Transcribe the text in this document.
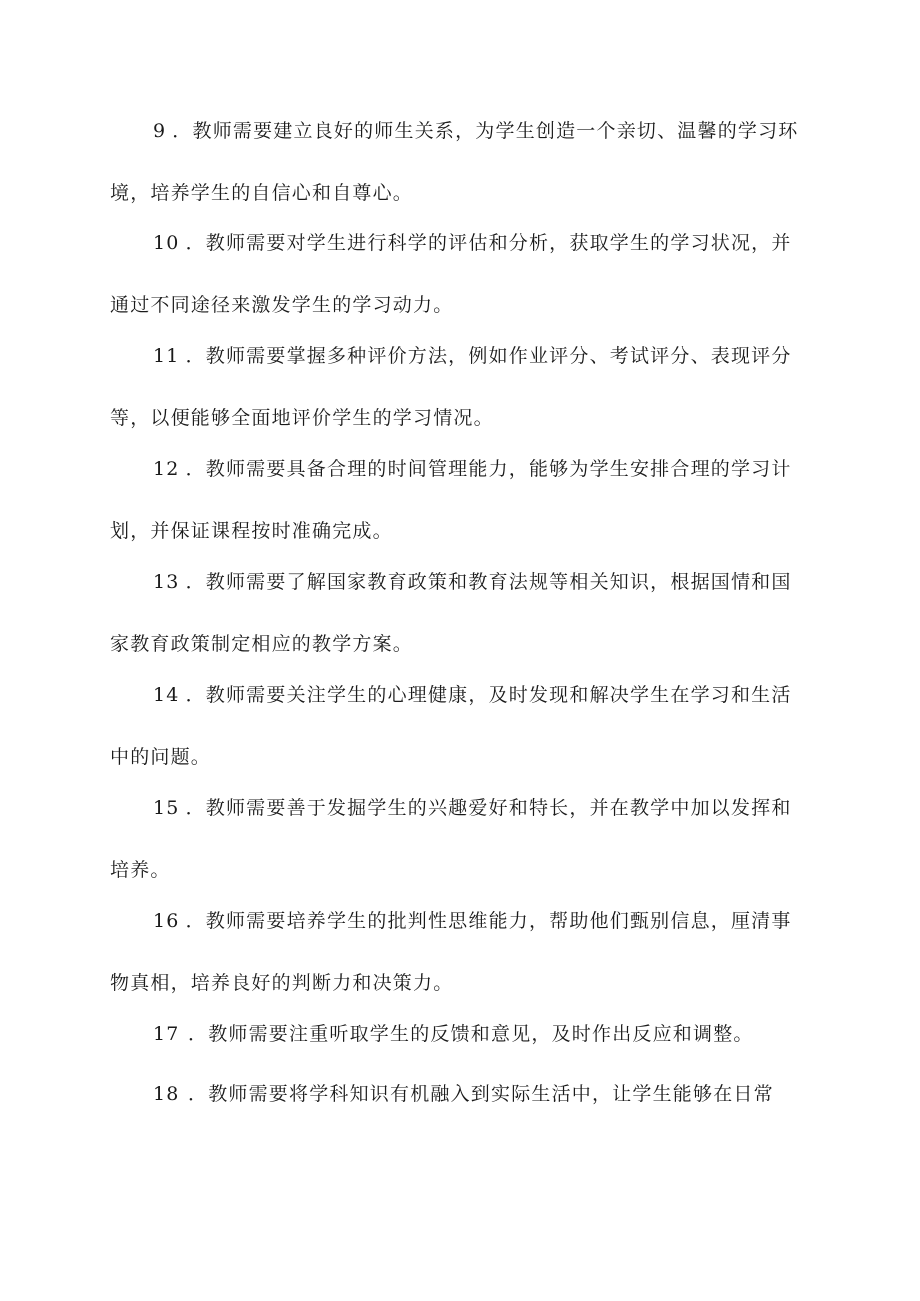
9 ．教师需要建立良好的师生关系，为学生创造一个亲切、温馨的学习环境，培养学生的自信心和自尊心。

10 ．教师需要对学生进行科学的评估和分析，获取学生的学习状况，并通过不同途径来激发学生的学习动力。

11 ．教师需要掌握多种评价方法，例如作业评分、考试评分、表现评分等，以便能够全面地评价学生的学习情况。

12 ．教师需要具备合理的时间管理能力，能够为学生安排合理的学习计划，并保证课程按时准确完成。

13 ．教师需要了解国家教育政策和教育法规等相关知识，根据国情和国家教育政策制定相应的教学方案。

14 ．教师需要关注学生的心理健康，及时发现和解决学生在学习和生活中的问题。

15 ．教师需要善于发掘学生的兴趣爱好和特长，并在教学中加以发挥和培养。

16 ．教师需要培养学生的批判性思维能力，帮助他们甄别信息，厘清事物真相，培养良好的判断力和决策力。

17 ．教师需要注重听取学生的反馈和意见，及时作出反应和调整。

18 ．教师需要将学科知识有机融入到实际生活中，让学生能够在日常
